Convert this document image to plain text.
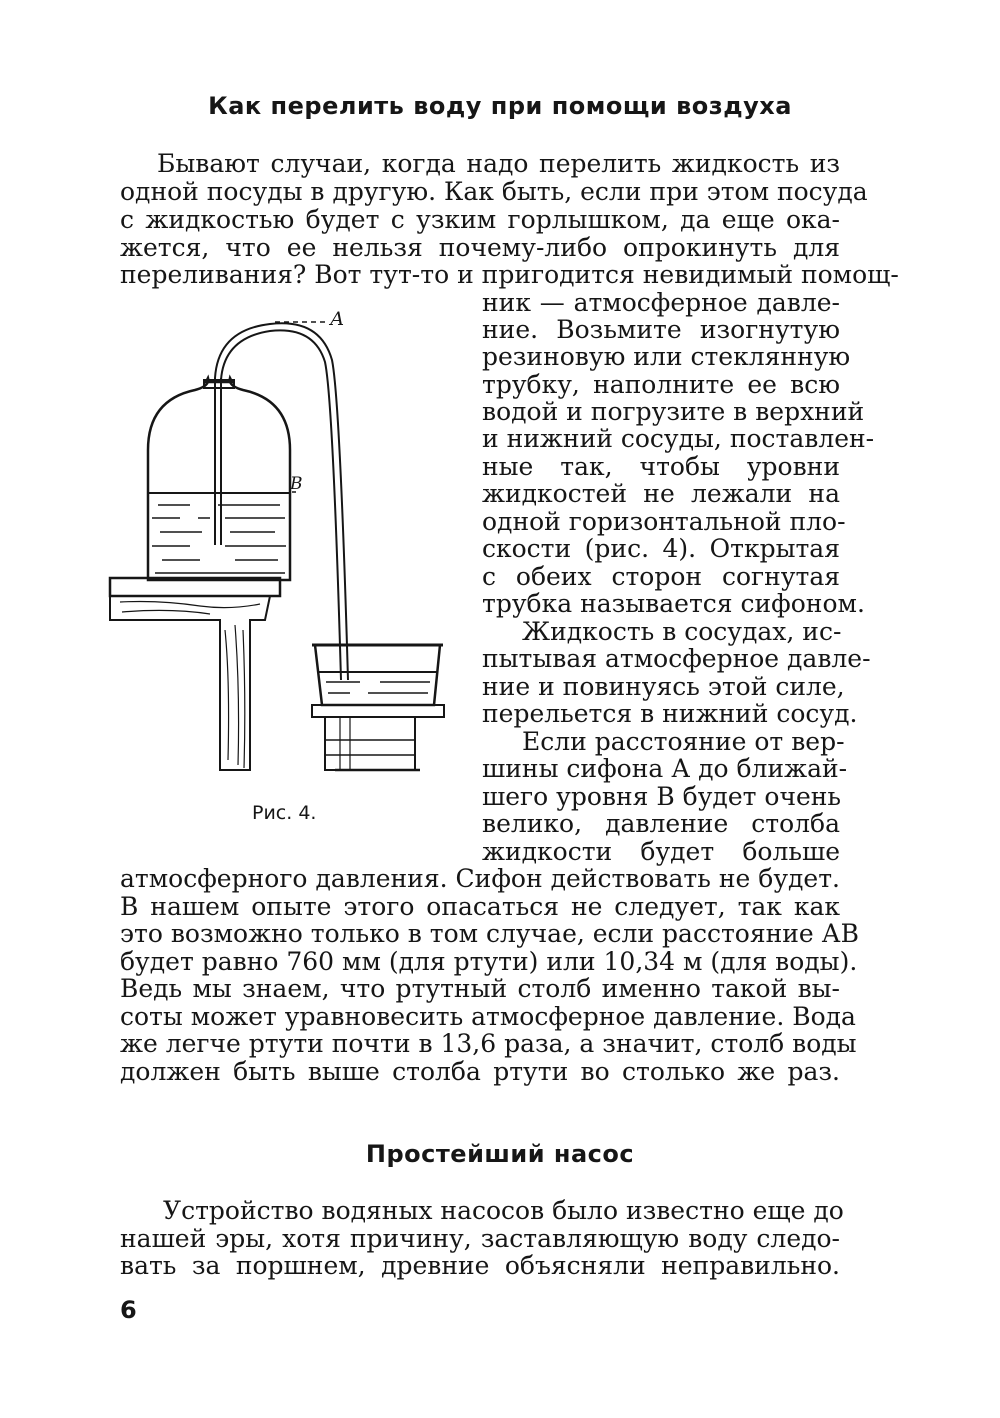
Как перелить воду при помощи воздуха
Бывают случаи, когда надо перелить жидкость из
одной посуды в другую. Как быть, если при этом посуда
с жидкостью будет с узким горлышком, да еще ока-
жется, что ее нельзя почему-либо опрокинуть для
переливания? Вот тут-то и пригодится невидимый помощ-
ник — атмосферное давле-
ние. Возьмите изогнутую
резиновую или стеклянную
трубку, наполните ее всю
водой и погрузите в верхний
и нижний сосуды, поставлен-
ные так, чтобы уровни
жидкостей не лежали на
одной горизонтальной пло-
скости (рис. 4). Открытая
с обеих сторон согнутая
трубка называется сифоном.
Жидкость в сосудах, ис-
пытывая атмосферное давле-
ние и повинуясь этой силе,
перельется в нижний сосуд.
Если расстояние от вер-
шины сифона А до ближай-
шего уровня В будет очень
велико, давление столба
жидкости будет больше
атмосферного давления. Сифон действовать не будет.
В нашем опыте этого опасаться не следует, так как
это возможно только в том случае, если расстояние АВ
будет равно 760 мм (для ртути) или 10,34 м (для воды).
Ведь мы знаем, что ртутный столб именно такой вы-
соты может уравновесить атмосферное давление. Вода
же легче ртути почти в 13,6 раза, а значит, столб воды
должен быть выше столба ртути во столько же раз.
А
В
Рис. 4.
Простейший насос
Устройство водяных насосов было известно еще до
нашей эры, хотя причину, заставляющую воду следо-
вать за поршнем, древние объясняли неправильно.
6
